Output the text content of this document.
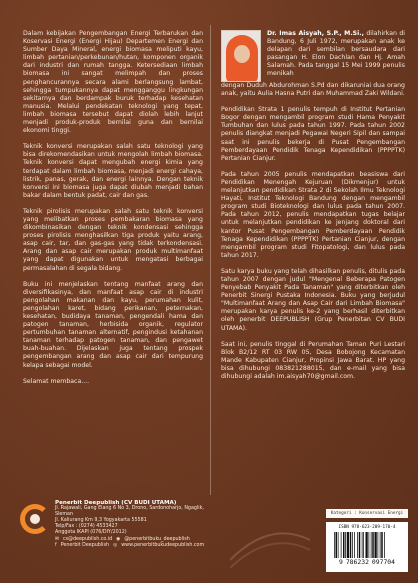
Dalam kebijakan Pengembangan Energi Terbarukan dan Koservasi Energi (Energi Hijau) Departemen Energi dan Sumber Daya Mineral, energi biomasa meliputi kayu, limbah pertanian/perkebunan/hutan, komponen organik dari industri dan rumah tangga. Ketersediaan limbah biomasa ini sangat melimpah dan proses penghancurannya secara alami berlangsung lambat, sehingga tumpukannya dapat mengganggu lingkungan sekitarnya dan berdampak buruk terhadap kesehatan manusia. Melalui pendekatan teknologi yang tepat, limbah biomasa tersebut dapat diolah lebih lanjut menjadi produk-produk bernilai guna dan bernilai ekonomi tinggi.

Teknik konversi merupakan salah satu teknologi yang bisa direkomendasikan untuk mengolah limbah biomasa. Teknik konversi dapat mengubah energi kimia yang terdapat dalam limbah biomasa, menjadi energi cahaya, listrik, panas, gerak, dan energi lainnya. Dengan teknik konversi ini biomasa juga dapat diubah menjadi bahan bakar dalam bentuk padat, cair dan gas.

Teknik pirolisis merupakan salah satu teknik konversi yang melibatkan proses pembakaran biomasa yang dikombinasikan dengan teknik kondensasi sehingga proses pirolisis menghasilkan tiga produk yaitu arang, asap cair, tar, dan gas-gas yang tidak terkondensasi. Arang dan asap cair merupakan produk multimanfaat yang dapat digunakan untuk mengatasi berbagai permasalahan di segala bidang.

Buku ini menjelaskan tentang manfaat arang dan diversifikasinya, dan manfaat asap cair di industri pengolahan makanan dan kayu, perumahan kulit, pengolahan karet, bidang perikanan, peternakan, kesehatan, budidaya tanaman, pengendali hama dan patogen tanaman, herbisida organik, regulator pertumbuhan tanaman alternatif, pengindusi ketahanan tanaman terhadap patogen tanaman, dan pengawet buah-buahan. Dijelaskan juga tentang prospek pengembangan arang dan asap cair dari tempurung kelapa sebagai model.

Selamat membaca....

Dr. Imas Aisyah, S.P., M.Si., dilahirkan di Bandung, 6 Juli 1972, merupakan anak ke delapan dari sembilan bersaudara dari pasangan H. Elon Dachlan dan Hj. Amah Salamah. Pada tanggal 15 Mei 1999 penulis menikah

dengan Duduh Abdurohman S.Pd dan dikaruniai dua orang anak, yaitu Aulia Hasna Putri dan Muhammad Zaki Wildani.

Pendidikan Strata 1 penulis tempuh di Institut Pertanian Bogor dengan mengambil program studi Hama Penyakit Tumbuhan dan lulus pada tahun 1997. Pada tahun 2002 penulis diangkat menjadi Pegawai Negeri Sipil dan sampai saat ini penulis bekerja di Pusat Pengembangan Pemberdayaan Pendidik Tenaga Kependidikan (PPPPTK) Pertanian Cianjur.

Pada tahun 2005 penulis mendapatkan beasiswa dari Pendidikan Menengah Kejuruan (Dikmenjur) untuk melanjutkan pendidikan Strata 2 di Sekolah Ilmu Teknologi Hayati, Institut Teknologi Bandung dengan mengambil program studi Bioteknologi dan lulus pada tahun 2007. Pada tahun 2012, penulis mendapatkan tugas belajar untuk melanjutkan pendidikan ke jenjang doktoral dari kantor Pusat Pengembangan Pemberdayaan Pendidik Tenaga Kependidikan (PPPPTK) Pertanian Cianjur, dengan mengambil program studi Fitopatologi, dan lulus pada tahun 2017.

Satu karya buku yang telah dihasilkan penulis, ditulis pada tahun 2007 dengan judul "Mengenal Beberapa Patogen Penyebab Penyakit Pada Tanaman" yang diterbitkan oleh Penerbit Sinergi Pustaka Indonesia. Buku yang berjudul "Multimanfaat Arang dan Asap Cair dari Limbah Biomasa" merupakan karya penulis ke-2 yang berhasil diterbitkan oleh penerbit DEEPUBLISH (Grup Penerbitan CV BUDI UTAMA).

Saat ini, penulis tinggal di Perumahan Taman Puri Lestari Blok B2/12 RT 03 RW 05, Desa Bobojong Kecamatan Mande Kabupaten Cianjur, Propinsi Jawa Barat. HP yang bisa dihubungi 083821288015, dan e-mail yang bisa dihubungi adalah im.aisyah70@gmail.com.

Penerbit Deepublish (CV BUDI UTAMA)
Jl. Rajawali, Gang Elang 6 No 3, Drono, Sardonoharjo, Ngaglik, Sleman
Jl. Kaliurang Km 9,3 Yogyakarta 55581
Telp/Fax : (0274) 4533427
Anggota IKAPI (076/DIY/2012)
✉ cs@deepublish.co.id ◉ @penerbitbuku_deepublish
f Penerbit Deepublish ◎ www.penerbitbukudeepublish.com
Kategori : Konservasi Energi
ISBN 978-623-209-170-4
9 786232 097704
